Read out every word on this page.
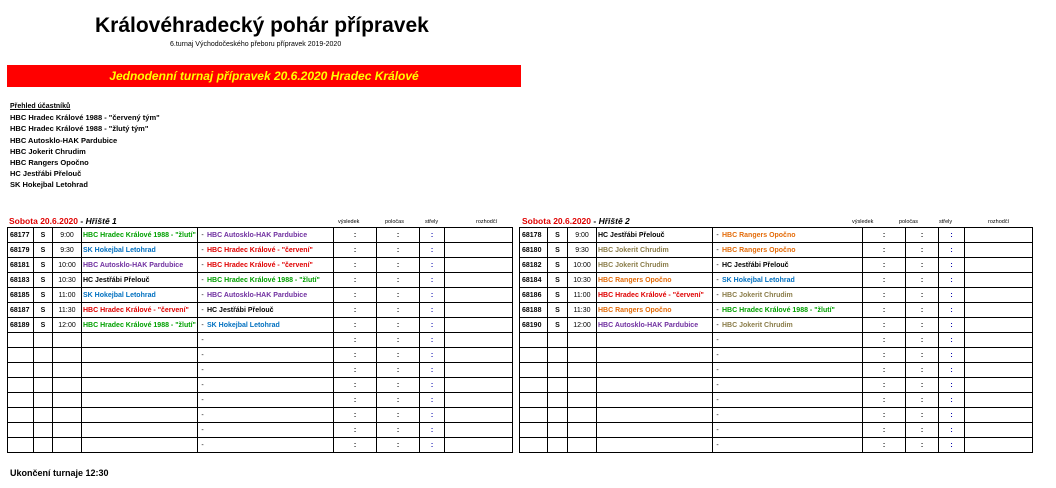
Královéhradecký pohár přípravek
6.turnaj Východočeského přeboru přípravek 2019-2020
Jednodenní turnaj přípravek 20.6.2020 Hradec Králové
Přehled účastníků
HBC Hradec Králové 1988 - "červený tým"
HBC Hradec Králové 1988 - "žlutý tým"
HBC Autosklo-HAK Pardubice
HBC Jokerit Chrudim
HBC Rangers Opočno
HC Jestřábi Přelouč
SK Hokejbal Letohrad
Sobota 20.6.2020 - Hřiště 1	výsledek	poločas	střely	rozhodčí	Sobota 20.6.2020 - Hřiště 2	výsledek	poločas	střely	rozhodčí
68177	S	9:00	HBC Hradec Králové 1988 - "žlutí"	- HBC Autosklo-HAK Pardubice	:	:	:	
68179	S	9:30	SK Hokejbal Letohrad	- HBC Hradec Králové - "červení"	:	:	:	
68181	S	10:00	HBC Autosklo-HAK Pardubice	- HBC Hradec Králové - "červení"	:	:	:	
68183	S	10:30	HC Jestřábi Přelouč	- HBC Hradec Králové 1988 - "žlutí"	:	:	:	
68185	S	11:00	SK Hokejbal Letohrad	- HBC Autosklo-HAK Pardubice	:	:	:	
68187	S	11:30	HBC Hradec Králové - "červení"	- HC Jestřábi Přelouč	:	:	:	
68189	S	12:00	HBC Hradec Králové 1988 - "žlutí"	- SK Hokejbal Letohrad	:	:	:	
				-	:	:	:	
				-	:	:	:	
				-	:	:	:	
				-	:	:	:	
				-	:	:	:	
				-	:	:	:	
				-	:	:	:	
				-	:	:	:	
68178	S	9:00	HC Jestřábi Přelouč	- HBC Rangers Opočno	:	:	:	
68180	S	9:30	HBC Jokerit Chrudim	- HBC Rangers Opočno	:	:	:	
68182	S	10:00	HBC Jokerit Chrudim	- HC Jestřábi Přelouč	:	:	:	
68184	S	10:30	HBC Rangers Opočno	- SK Hokejbal Letohrad	:	:	:	
68186	S	11:00	HBC Hradec Králové - "červení"	- HBC Jokerit Chrudim	:	:	:	
68188	S	11:30	HBC Rangers Opočno	- HBC Hradec Králové 1988 - "žlutí"	:	:	:	
68190	S	12:00	HBC Autosklo-HAK Pardubice	- HBC Jokerit Chrudim	:	:	:	
				-	:	:	:	
				-	:	:	:	
				-	:	:	:	
				-	:	:	:	
				-	:	:	:	
				-	:	:	:	
				-	:	:	:	
				-	:	:	:	
Ukončení turnaje 12:30
